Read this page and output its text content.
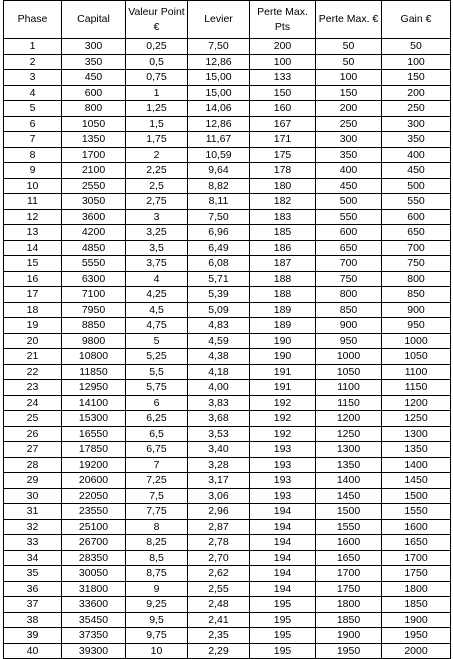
Phase	Capital	Valeur Point €	Levier	Perte Max. Pts	Perte Max. €	Gain €
1	300	0,25	7,50	200	50	50
2	350	0,5	12,86	100	50	100
3	450	0,75	15,00	133	100	150
4	600	1	15,00	150	150	200
5	800	1,25	14,06	160	200	250
6	1050	1,5	12,86	167	250	300
7	1350	1,75	11,67	171	300	350
8	1700	2	10,59	175	350	400
9	2100	2,25	9,64	178	400	450
10	2550	2,5	8,82	180	450	500
11	3050	2,75	8,11	182	500	550
12	3600	3	7,50	183	550	600
13	4200	3,25	6,96	185	600	650
14	4850	3,5	6,49	186	650	700
15	5550	3,75	6,08	187	700	750
16	6300	4	5,71	188	750	800
17	7100	4,25	5,39	188	800	850
18	7950	4,5	5,09	189	850	900
19	8850	4,75	4,83	189	900	950
20	9800	5	4,59	190	950	1000
21	10800	5,25	4,38	190	1000	1050
22	11850	5,5	4,18	191	1050	1100
23	12950	5,75	4,00	191	1100	1150
24	14100	6	3,83	192	1150	1200
25	15300	6,25	3,68	192	1200	1250
26	16550	6,5	3,53	192	1250	1300
27	17850	6,75	3,40	193	1300	1350
28	19200	7	3,28	193	1350	1400
29	20600	7,25	3,17	193	1400	1450
30	22050	7,5	3,06	193	1450	1500
31	23550	7,75	2,96	194	1500	1550
32	25100	8	2,87	194	1550	1600
33	26700	8,25	2,78	194	1600	1650
34	28350	8,5	2,70	194	1650	1700
35	30050	8,75	2,62	194	1700	1750
36	31800	9	2,55	194	1750	1800
37	33600	9,25	2,48	195	1800	1850
38	35450	9,5	2,41	195	1850	1900
39	37350	9,75	2,35	195	1900	1950
40	39300	10	2,29	195	1950	2000
